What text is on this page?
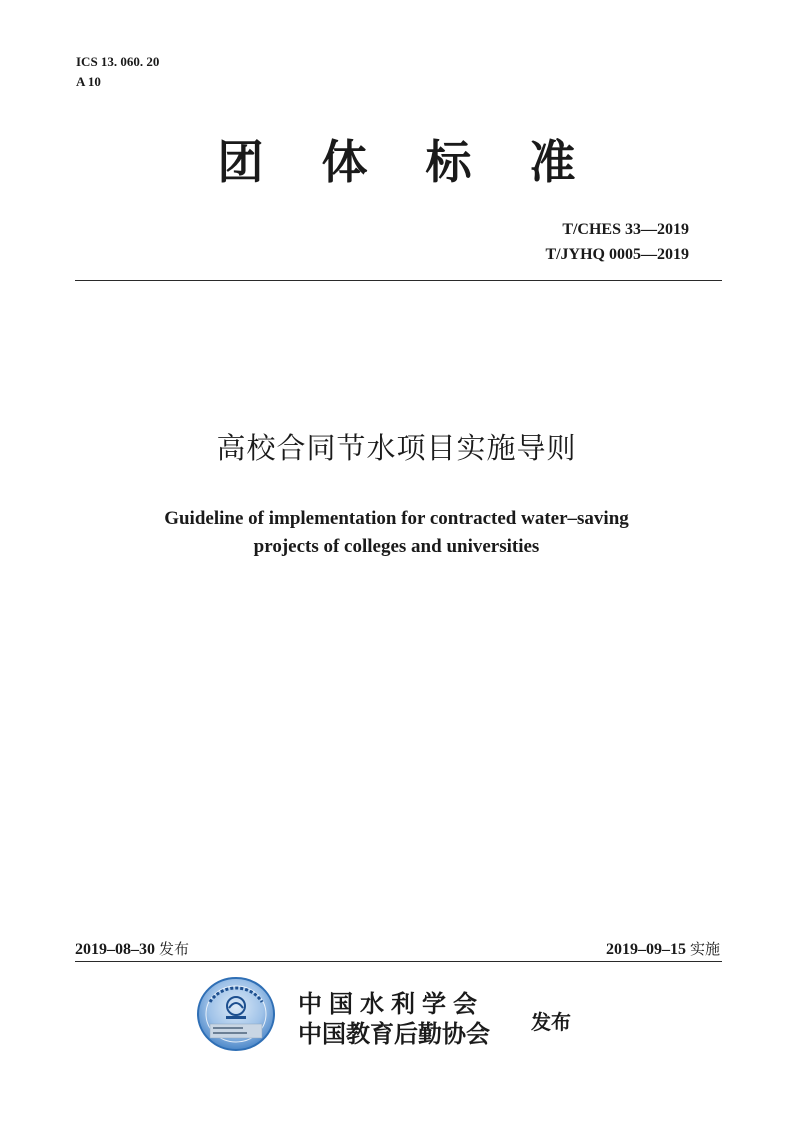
ICS 13. 060. 20
A 10
团体标准
T/CHES 33—2019
T/JYHQ 0005—2019
高校合同节水项目实施导则
Guideline of implementation for contracted water–saving
projects of colleges and universities
2019–08–30 发布	2019–09–15 实施
中国水利学会
中国教育后勤协会 发布
